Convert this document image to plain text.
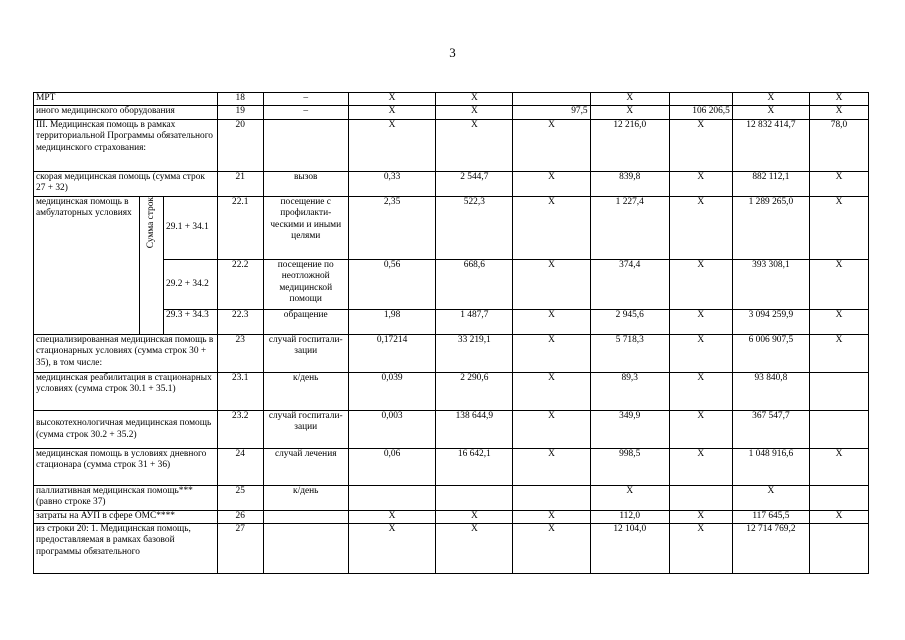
3
МРТ			18	–	X	X		X		X	X
иного медицинского оборудования			19	–	X	X	97,5	X	106 206,5	X	X
III. Медицинская помощь в рамках территориальной Программы обязательного медицинского страхования:			20		X	X	X	12 216,0	X	12 832 414,7	78,0
скорая медицинская помощь (сумма строк 27 + 32)			21	вызов	0,33	2 544,7	X	839,8	X	882 112,1	X
медицинская помощь в амбулаторных условиях	Сумма строк	29.1 + 34.1	22.1	посещение с профилакти-ческими и иными целями	2,35	522,3	X	1 227,4	X	1 289 265,0	X
		29.2 + 34.2	22.2	посещение по неотложной медицинской помощи	0,56	668,6	X	374,4	X	393 308,1	X
		29.3 + 34.3	22.3	обращение	1,98	1 487,7	X	2 945,6	X	3 094 259,9	X
специализированная медицинская помощь в стационарных условиях (сумма строк 30 + 35), в том числе:			23	случай госпитали-зации	0,17214	33 219,1	X	5 718,3	X	6 006 907,5	X
медицинская реабилитация в стационарных условиях (сумма строк 30.1 + 35.1)			23.1	к/день	0,039	2 290,6	X	89,3	X	93 840,8	
высокотехнологичная медицинская помощь (сумма строк 30.2 + 35.2)			23.2	случай госпитали-зации	0,003	138 644,9	X	349,9	X	367 547,7	
медицинская помощь в условиях дневного стационара (сумма строк 31 + 36)			24	случай лечения	0,06	16 642,1	X	998,5	X	1 048 916,6	X
паллиативная медицинская помощь*** (равно строке 37)			25	к/день				X		X	
затраты на АУП в сфере ОМС****			26		X	X	X	112,0	X	117 645,5	X
из строки 20: 1. Медицинская помощь, предоставляемая в рамках базовой программы обязательного			27		X	X	X	12 104,0	X	12 714 769,2	
